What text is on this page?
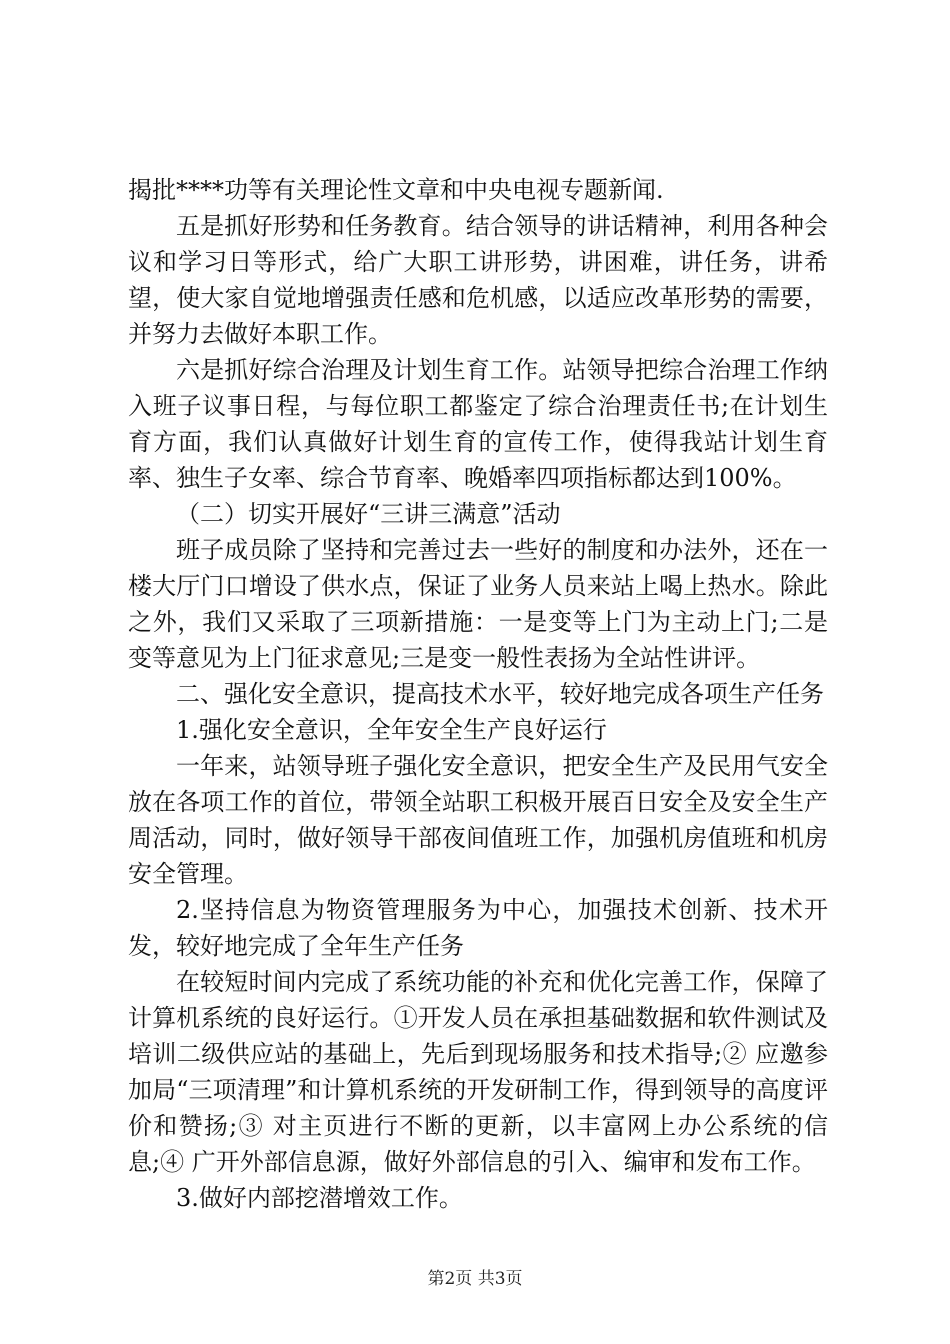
揭批****功等有关理论性文章和中央电视专题新闻.

五是抓好形势和任务教育。结合领导的讲话精神，利用各种会议和学习日等形式，给广大职工讲形势，讲困难，讲任务，讲希望，使大家自觉地增强责任感和危机感，以适应改革形势的需要，并努力去做好本职工作。

六是抓好综合治理及计划生育工作。站领导把综合治理工作纳入班子议事日程，与每位职工都鉴定了综合治理责任书;在计划生育方面，我们认真做好计划生育的宣传工作，使得我站计划生育率、独生子女率、综合节育率、晚婚率四项指标都达到100%。

（二）切实开展好“三讲三满意”活动

班子成员除了坚持和完善过去一些好的制度和办法外，还在一楼大厅门口增设了供水点，保证了业务人员来站上喝上热水。除此之外，我们又采取了三项新措施：一是变等上门为主动上门;二是变等意见为上门征求意见;三是变一般性表扬为全站性讲评。

二、强化安全意识，提高技术水平，较好地完成各项生产任务

1.强化安全意识，全年安全生产良好运行

一年来，站领导班子强化安全意识，把安全生产及民用气安全放在各项工作的首位，带领全站职工积极开展百日安全及安全生产周活动，同时，做好领导干部夜间值班工作，加强机房值班和机房安全管理。

2.坚持信息为物资管理服务为中心，加强技术创新、技术开发，较好地完成了全年生产任务

在较短时间内完成了系统功能的补充和优化完善工作，保障了计算机系统的良好运行。①开发人员在承担基础数据和软件测试及培训二级供应站的基础上，先后到现场服务和技术指导;② 应邀参加局“三项清理”和计算机系统的开发研制工作，得到领导的高度评价和赞扬;③ 对主页进行不断的更新，以丰富网上办公系统的信息;④ 广开外部信息源，做好外部信息的引入、编审和发布工作。

3.做好内部挖潜增效工作。

第2页 共3页
